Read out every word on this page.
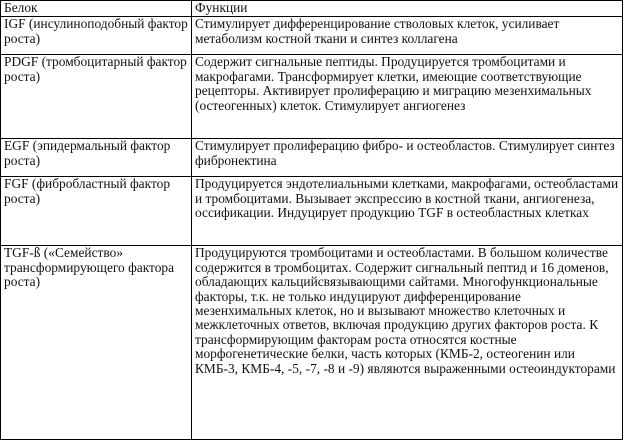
Белок	Функции
IGF (инсулиноподобный фактор роста)	Стимулирует дифференцирование стволовых клеток, усиливает метаболизм костной ткани и синтез коллагена
PDGF (тромбоцитарный фактор роста)	Содержит сигнальные пептиды. Продуцируется тромбоцитами и макрофагами. Трансформирует клетки, имеющие соответствующие рецепторы. Активирует пролиферацию и миграцию мезенхимальных (остеогенных) клеток. Стимулирует ангиогенез
EGF (эпидермальный фактор роста)	Стимулирует пролиферацию фибро- и остеобластов. Стимулирует синтез фибронектина
FGF (фибробластный фактор роста)	Продуцируется эндотелиальными клетками, макрофагами, остеобластами и тромбоцитами. Вызывает экспрессию в костной ткани, ангиогенеза, оссификации. Индуцирует продукцию TGF в остеобластных клетках
TGF-ß («Семейство» трансформирующего фактора роста)	Продуцируются тромбоцитами и остеобластами. В большом количестве содержится в тромбоцитах. Содержит сигнальный пептид и 16 доменов, обладающих кальцийсвязывающими сайтами. Многофункциональные факторы, т.к. не только индуцируют дифференцирование мезенхимальных клеток, но и вызывают множество клеточных и межклеточных ответов, включая продукцию других факторов роста. К трансформирующим факторам роста относятся костные морфогенетические белки, часть которых (КМБ-2, остеогенин или КМБ-3, КМБ-4, -5, -7, -8 и -9) являются выраженными остеоиндукторами
